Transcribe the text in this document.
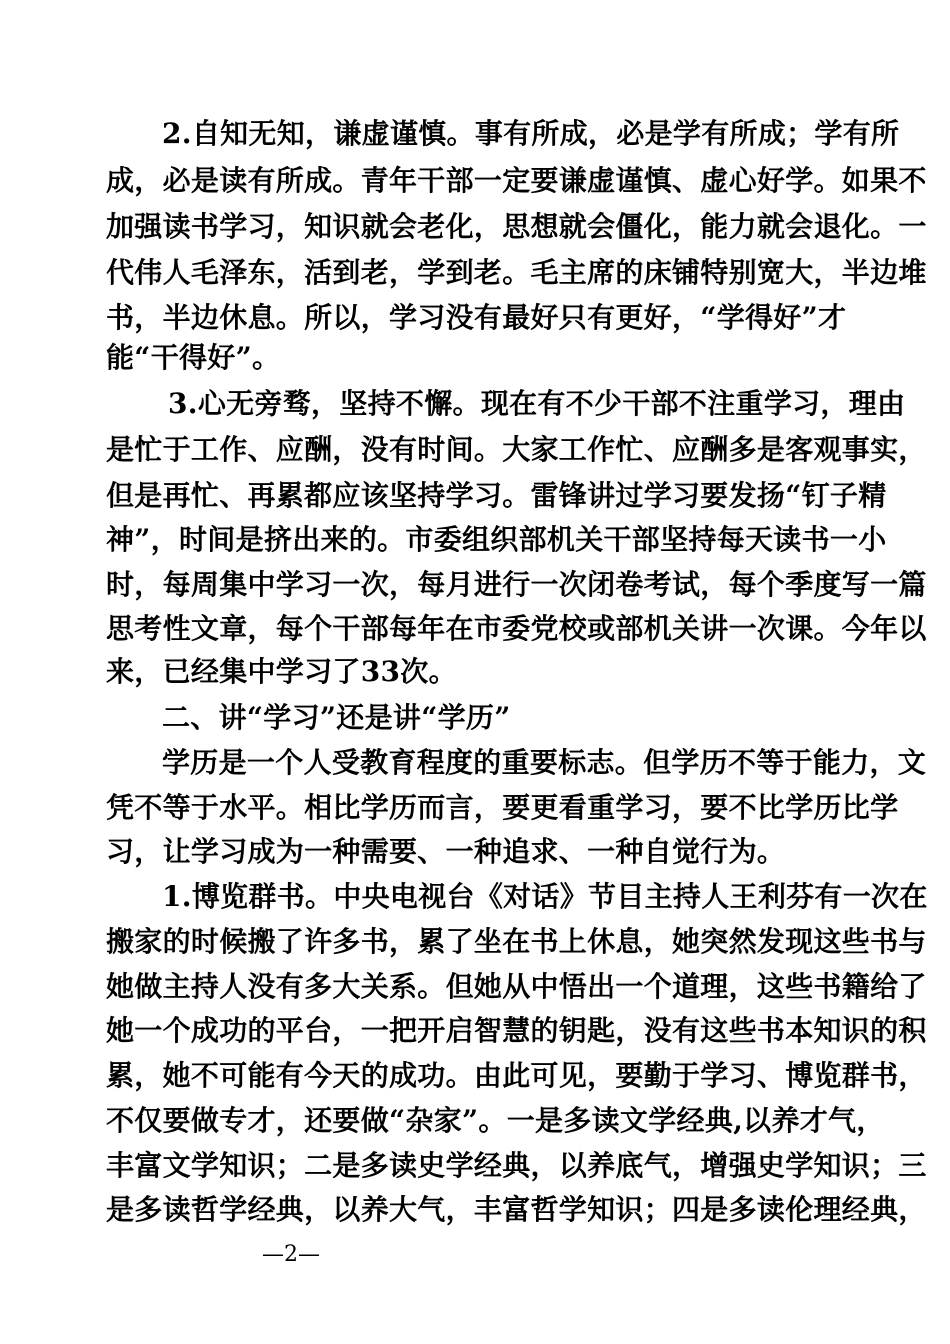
2.自知无知，谦虚谨慎。事有所成，必是学有所成；学有所
成，必是读有所成。青年干部一定要谦虚谨慎、虚心好学。如果不
加强读书学习，知识就会老化，思想就会僵化，能力就会退化。一
代伟人毛泽东，活到老，学到老。毛主席的床铺特别宽大，半边堆
书，半边休息。所以，学习没有最好只有更好，“学得好”才
能“干得好”。
3.心无旁骛，坚持不懈。现在有不少干部不注重学习，理由
是忙于工作、应酬，没有时间。大家工作忙、应酬多是客观事实，
但是再忙、再累都应该坚持学习。雷锋讲过学习要发扬“钉子精
神”，时间是挤出来的。市委组织部机关干部坚持每天读书一小
时，每周集中学习一次，每月进行一次闭卷考试，每个季度写一篇
思考性文章，每个干部每年在市委党校或部机关讲一次课。今年以
来，已经集中学习了33次。
二、讲“学习”还是讲“学历”
学历是一个人受教育程度的重要标志。但学历不等于能力，文
凭不等于水平。相比学历而言，要更看重学习，要不比学历比学
习，让学习成为一种需要、一种追求、一种自觉行为。
1.博览群书。中央电视台《对话》节目主持人王利芬有一次在
搬家的时候搬了许多书，累了坐在书上休息，她突然发现这些书与
她做主持人没有多大关系。但她从中悟出一个道理，这些书籍给了
她一个成功的平台，一把开启智慧的钥匙，没有这些书本知识的积
累，她不可能有今天的成功。由此可见，要勤于学习、博览群书，
不仅要做专才，还要做“杂家”。一是多读文学经典,以养才气，
丰富文学知识；二是多读史学经典，以养底气，增强史学知识；三
是多读哲学经典，以养大气，丰富哲学知识；四是多读伦理经典，
—2—
